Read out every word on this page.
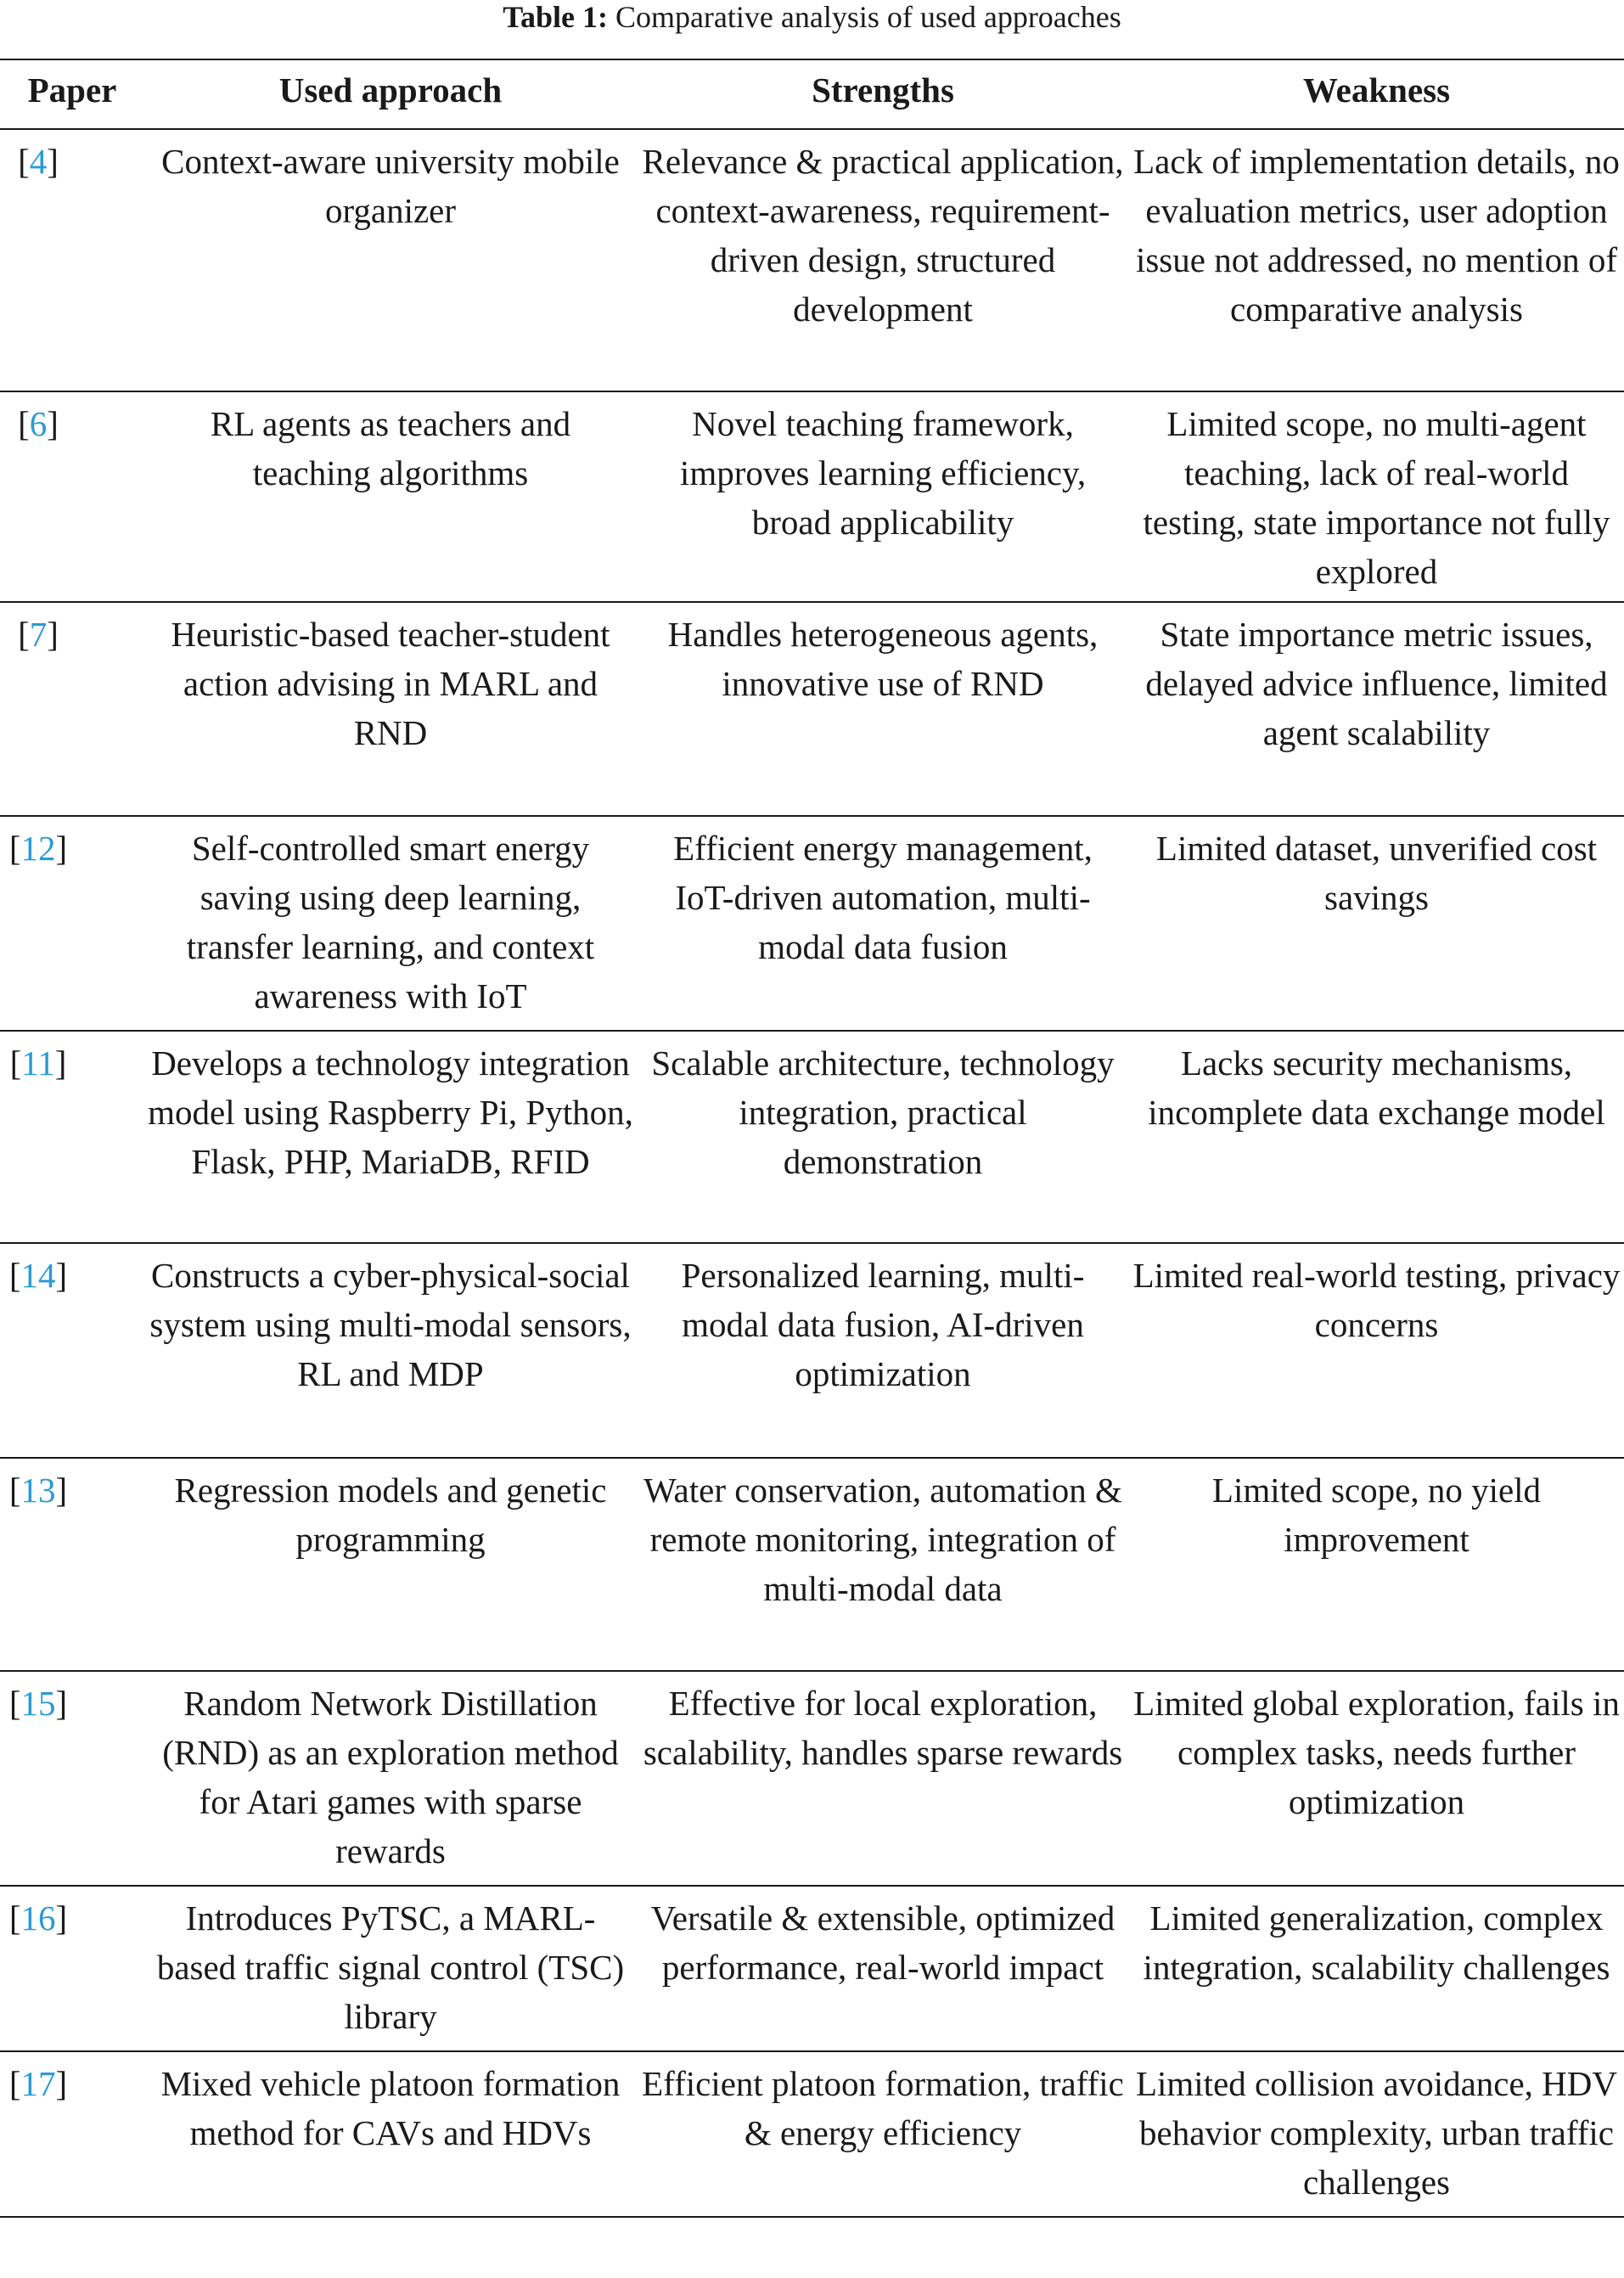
Table 1: Comparative analysis of used approaches
Paper	Used approach	Strengths	Weakness
[4]	Context-aware university mobile organizer	Relevance & practical application, context-awareness, requirement-driven design, structured development	Lack of implementation details, no evaluation metrics, user adoption issue not addressed, no mention of comparative analysis
[6]	RL agents as teachers and teaching algorithms	Novel teaching framework, improves learning efficiency, broad applicability	Limited scope, no multi-agent teaching, lack of real-world testing, state importance not fully explored
[7]	Heuristic-based teacher-student action advising in MARL and RND	Handles heterogeneous agents, innovative use of RND	State importance metric issues, delayed advice influence, limited agent scalability
[12]	Self-controlled smart energy saving using deep learning, transfer learning, and context awareness with IoT	Efficient energy management, IoT-driven automation, multi-modal data fusion	Limited dataset, unverified cost savings
[11]	Develops a technology integration model using Raspberry Pi, Python, Flask, PHP, MariaDB, RFID	Scalable architecture, technology integration, practical demonstration	Lacks security mechanisms, incomplete data exchange model
[14]	Constructs a cyber-physical-social system using multi-modal sensors, RL and MDP	Personalized learning, multi-modal data fusion, AI-driven optimization	Limited real-world testing, privacy concerns
[13]	Regression models and genetic programming	Water conservation, automation & remote monitoring, integration of multi-modal data	Limited scope, no yield improvement
[15]	Random Network Distillation (RND) as an exploration method for Atari games with sparse rewards	Effective for local exploration, scalability, handles sparse rewards	Limited global exploration, fails in complex tasks, needs further optimization
[16]	Introduces PyTSC, a MARL-based traffic signal control (TSC) library	Versatile & extensible, optimized performance, real-world impact	Limited generalization, complex integration, scalability challenges
[17]	Mixed vehicle platoon formation method for CAVs and HDVs	Efficient platoon formation, traffic & energy efficiency	Limited collision avoidance, HDV behavior complexity, urban traffic challenges
